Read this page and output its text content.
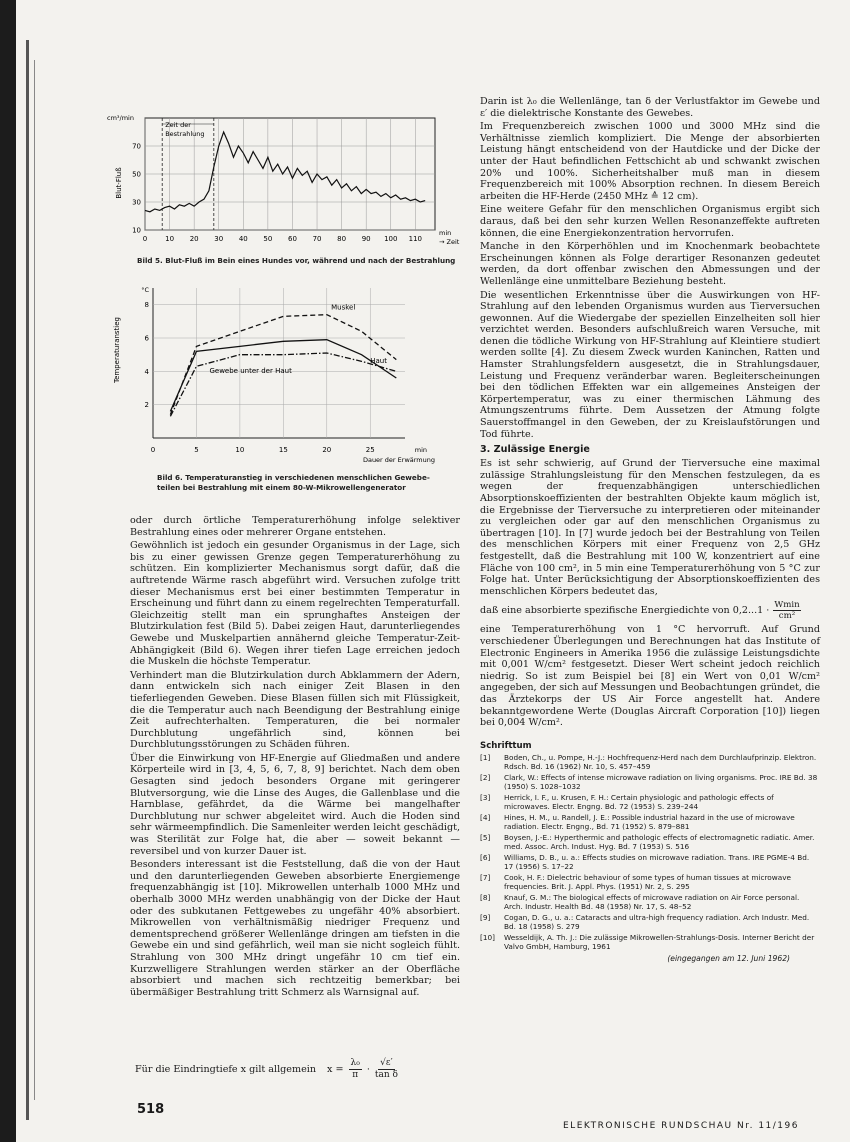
0	10 20 30 40 50 60 70 80 90 100 110
10
30
50
70
cm³/min
Blut-Fluß
min
→ Zeit
Zeit der
Bestrahlung
Bild 5. Blut-Fluß im Bein eines Hundes vor, während und nach der Bestrahlung
0	5	10	15	20	25
2
4
6
8
°C
Temperaturanstieg
min
Dauer der Erwärmung
Muskel
Gewebe unter der Haut
Haut
Bild 6. Temperaturanstieg in verschiedenen menschlichen Gewebe-
teilen bei Bestrahlung mit einem 80-W-Mikrowellengenerator

oder durch örtliche Temperaturerhöhung infolge selektiver Bestrahlung eines oder mehrerer Organe entstehen.

Gewöhnlich ist jedoch ein gesunder Organismus in der Lage, sich bis zu einer gewissen Grenze gegen Temperaturerhöhung zu schützen. Ein komplizierter Mechanismus sorgt dafür, daß die auftretende Wärme rasch abgeführt wird. Versuchen zufolge tritt dieser Mechanismus erst bei einer bestimmten Temperatur in Erscheinung und führt dann zu einem regelrechten Temperaturfall. Gleichzeitig stellt man ein sprunghaftes Ansteigen der Blutzirkulation fest (Bild 5). Dabei zeigen Haut, darunterliegendes Gewebe und Muskelpartien annähernd gleiche Temperatur-Zeit-Abhängigkeit (Bild 6). Wegen ihrer tiefen Lage erreichen jedoch die Muskeln die höchste Temperatur.

Verhindert man die Blutzirkulation durch Abklammern der Adern, dann entwickeln sich nach einiger Zeit Blasen in den tieferliegenden Geweben. Diese Blasen füllen sich mit Flüssigkeit, die die Temperatur auch nach Beendigung der Bestrahlung einige Zeit aufrechterhalten. Temperaturen, die bei normaler Durchblutung ungefährlich sind, können bei Durchblutungsstörungen zu Schäden führen.

Über die Einwirkung von HF-Energie auf Gliedmaßen und andere Körperteile wird in [3, 4, 5, 6, 7, 8, 9] berichtet. Nach dem oben Gesagten sind jedoch besonders Organe mit geringerer Blutversorgung, wie die Linse des Auges, die Gallenblase und die Harnblase, gefährdet, da die Wärme bei mangelhafter Durchblutung nur schwer abgeleitet wird. Auch die Hoden sind sehr wärmeempfindlich. Die Samenleiter werden leicht geschädigt, was Sterilität zur Folge hat, die aber — soweit bekannt — reversibel und von kurzer Dauer ist.

Besonders interessant ist die Feststellung, daß die von der Haut und den darunterliegenden Geweben absorbierte Energiemenge frequenzabhängig ist [10]. Mikrowellen unterhalb 1000 MHz und oberhalb 3000 MHz werden unabhängig von der Dicke der Haut oder des subkutanen Fettgewebes zu ungefähr 40% absorbiert. Mikrowellen von verhältnismäßig niedriger Frequenz und dementsprechend größerer Wellenlänge dringen am tiefsten in die Gewebe ein und sind gefährlich, weil man sie nicht sogleich fühlt. Strahlung von 300 MHz dringt ungefähr 10 cm tief ein. Kurzwelligere Strahlungen werden stärker an der Oberfläche absorbiert und machen sich rechtzeitig bemerkbar; bei übermäßiger Bestrahlung tritt Schmerz als Warnsignal auf.

Für die Eindringtiefe x gilt allgemein $x = \frac{\text{λ₀}}{\pi} \cdot \frac{√\varepsilon'}{\text{tan δ}}$

Darin ist λ₀ die Wellenlänge, tan δ der Verlustfaktor im Gewebe und ε′ die dielektrische Konstante des Gewebes.

Im Frequenzbereich zwischen 1000 und 3000 MHz sind die Verhältnisse ziemlich kompliziert. Die Menge der absorbierten Leistung hängt entscheidend von der Hautdicke und der Dicke der unter der Haut befindlichen Fettschicht ab und schwankt zwischen 20% und 100%. Sicherheitshalber muß man in diesem Frequenzbereich mit 100% Absorption rechnen. In diesem Bereich arbeiten die HF-Herde (2450 MHz ≙ 12 cm).

Eine weitere Gefahr für den menschlichen Organismus ergibt sich daraus, daß bei den sehr kurzen Wellen Resonanzeffekte auftreten können, die eine Energiekonzentration hervorrufen.

Manche in den Körperhöhlen und im Knochenmark beobachtete Erscheinungen können als Folge derartiger Resonanzen gedeutet werden, da dort offenbar zwischen den Abmessungen und der Wellenlänge eine unmittelbare Beziehung besteht.

Die wesentlichen Erkenntnisse über die Auswirkungen von HF-Strahlung auf den lebenden Organismus wurden aus Tierversuchen gewonnen. Auf die Wiedergabe der speziellen Einzelheiten soll hier verzichtet werden. Besonders aufschlußreich waren Versuche, mit denen die tödliche Wirkung von HF-Strahlung auf Kleintiere studiert werden sollte [4]. Zu diesem Zweck wurden Kaninchen, Ratten und Hamster Strahlungsfeldern ausgesetzt, die in Strahlungsdauer, Leistung und Frequenz veränderbar waren. Begleiterscheinungen bei den tödlichen Effekten war ein allgemeines Ansteigen der Körpertemperatur, was zu einer thermischen Lähmung des Atmungszentrums führte. Dem Aussetzen der Atmung folgte Sauerstoffmangel in den Geweben, der zu Kreislaufstörungen und Tod führte.

3. Zulässige Energie

Es ist sehr schwierig, auf Grund der Tierversuche eine maximal zulässige Strahlungsleistung für den Menschen festzulegen, da es wegen der frequenzabhängigen unterschiedlichen Absorptionskoeffizienten der bestrahlten Objekte kaum möglich ist, die Ergebnisse der Tierversuche zu interpretieren oder miteinander zu vergleichen oder gar auf den menschlichen Organismus zu übertragen [10]. In [7] wurde jedoch bei der Bestrahlung von Teilen des menschlichen Körpers mit einer Frequenz von 2,5 GHz festgestellt, daß die Bestrahlung mit 100 W, konzentriert auf eine Fläche von 100 cm², in 5 min eine Temperaturerhöhung von 5 °C zur Folge hat. Unter Berücksichtigung der Absorptionskoeffizienten des menschlichen Körpers bedeutet das,

daß eine absorbierte spezifische Energiedichte von 0,2...1 · Wmin
cm²

eine Temperaturerhöhung von 1 °C hervorruft. Auf Grund verschiedener Überlegungen und Berechnungen hat das Institute of Electronic Engineers in Amerika 1956 die zulässige Leistungsdichte mit 0,001 W/cm² festgesetzt. Dieser Wert scheint jedoch reichlich niedrig. So ist zum Beispiel bei [8] ein Wert von 0,01 W/cm² angegeben, der sich auf Messungen und Beobachtungen gründet, die das Ärztekorps der US Air Force angestellt hat. Andere bekanntgewordene Werte (Douglas Aircraft Corporation [10]) liegen bei 0,004 W/cm².

Schrifttum
[1] Boden, Ch., u. Pompe, H.-J.: Hochfrequenz-Herd nach dem Durchlaufprinzip. Elektron. Rdsch. Bd. 16 (1962) Nr. 10, S. 457–459
[2] Clark, W.: Effects of intense microwave radiation on living organisms. Proc. IRE Bd. 38 (1950) S. 1028–1032
[3] Herrick, I. F., u. Krusen, F. H.: Certain physiologic and pathologic effects of microwaves. Electr. Engng. Bd. 72 (1953) S. 239–244
[4] Hines, H. M., u. Randell, J. E.: Possible industrial hazard in the use of microwave radiation. Electr. Engng., Bd. 71 (1952) S. 879–881
[5] Boysen, J.-E.: Hyperthermic and pathologic effects of electromagnetic radiatic. Amer. med. Assoc. Arch. Indust. Hyg. Bd. 7 (1953) S. 516
[6] Williams, D. B., u. a.: Effects studies on microwave radiation. Trans. IRE PGME-4 Bd. 17 (1956) S. 17–22
[7] Cook, H. F.: Dielectric behaviour of some types of human tissues at microwave frequencies. Brit. J. Appl. Phys. (1951) Nr. 2, S. 295
[8] Knauf, G. M.: The biological effects of microwave radiation on Air Force personal. Arch. Industr. Health Bd. 48 (1958) Nr. 17, S. 48–52
[9] Cogan, D. G., u. a.: Cataracts and ultra-high frequency radiation. Arch Industr. Med. Bd. 18 (1958) S. 279
[10] Wesseldijk, A. Th. J.: Die zulässige Mikrowellen-Strahlungs-Dosis. Interner Bericht der Valvo GmbH, Hamburg, 1961
(eingegangen am 12. Juni 1962)
518
ELEKTRONISCHE RUNDSCHAU Nr. 11/196
